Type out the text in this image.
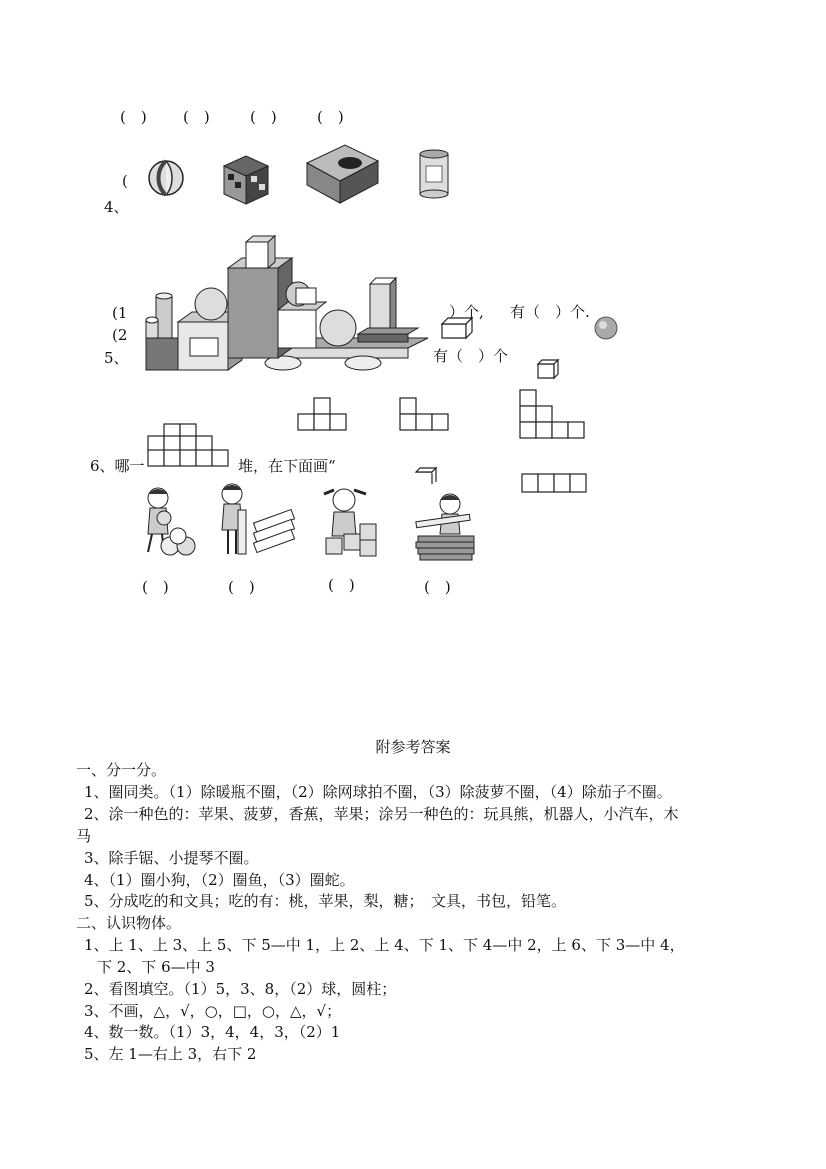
(　) (　)	(　)	(　)
(
4、
(1
(2
5、
）个, 有（　）个.
有（　）个
6、哪一	堆，在下面画“
(　)	(　)	(　)	(　)
附参考答案
一、分一分。
1、圈同类。（1）除暖瓶不圈，（2）除网球拍不圈，（3）除菠萝不圈，（4）除茄子不圈。
2、涂一种色的：苹果、菠萝，香蕉，苹果；涂另一种色的：玩具熊，机器人，小汽车，木
马
3、除手锯、小提琴不圈。
4、（1）圈小狗，（2）圈鱼，（3）圈蛇。
5、分成吃的和文具；吃的有：桃，苹果，梨，糖；　文具，书包，铅笔。
二、认识物体。
1、上 1、上 3、上 5、下 5—中 1，上 2、上 4、下 1、下 4—中 2，上 6、下 3—中 4，
下 2、下 6—中 3
2、看图填空。（1）5，3、8，（2）球，圆柱；
3、不画，△，√，○，□，○，△，√；
4、数一数。（1）3，4，4，3，（2）1
5、左 1—右上 3，右下 2
